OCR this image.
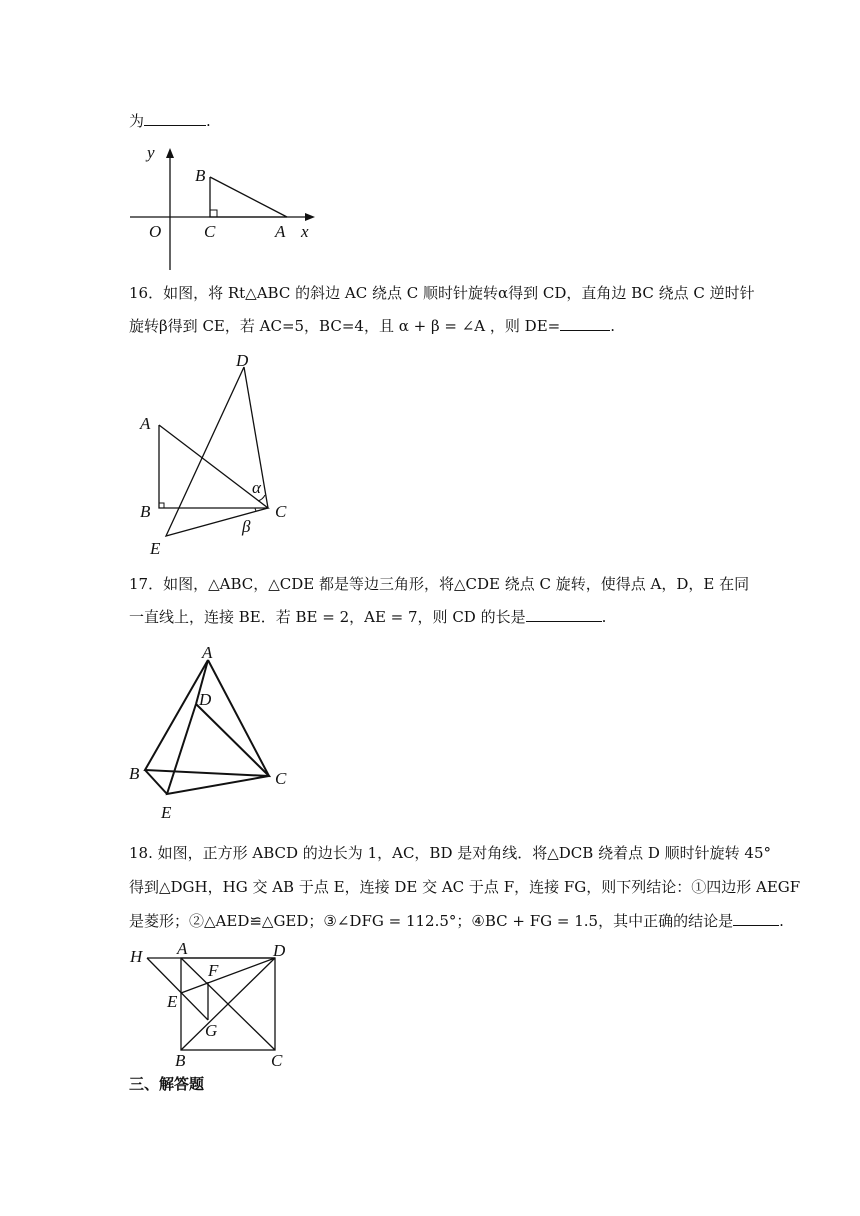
为	.
y
x
O	C	A
B
16．如图，将 Rt△ABC 的斜边 AC 绕点 C 顺时针旋转α得到 CD，直角边 BC 绕点 C 逆时针
旋转β得到 CE，若 AC=5，BC=4，且 α + β = ∠A ，则 DE=	.
D
A
B	C
E
α
β
17．如图，△ABC，△CDE 都是等边三角形，将△CDE 绕点 C 旋转，使得点 A，D，E 在同
一直线上，连接 BE．若 BE = 2，AE = 7，则 CD 的长是	.
A
D
B	C
E
18. 如图，正方形 ABCD 的边长为 1，AC，BD 是对角线．将△DCB 绕着点 D 顺时针旋转 45°
得到△DGH，HG 交 AB 于点 E，连接 DE 交 AC 于点 F，连接 FG，则下列结论：①四边形 AEGF
是菱形；②△AED≌△GED；③∠DFG = 112.5°；④BC + FG = 1.5，其中正确的结论是	.
H A	D
F
E
G
B	C
三、解答题
